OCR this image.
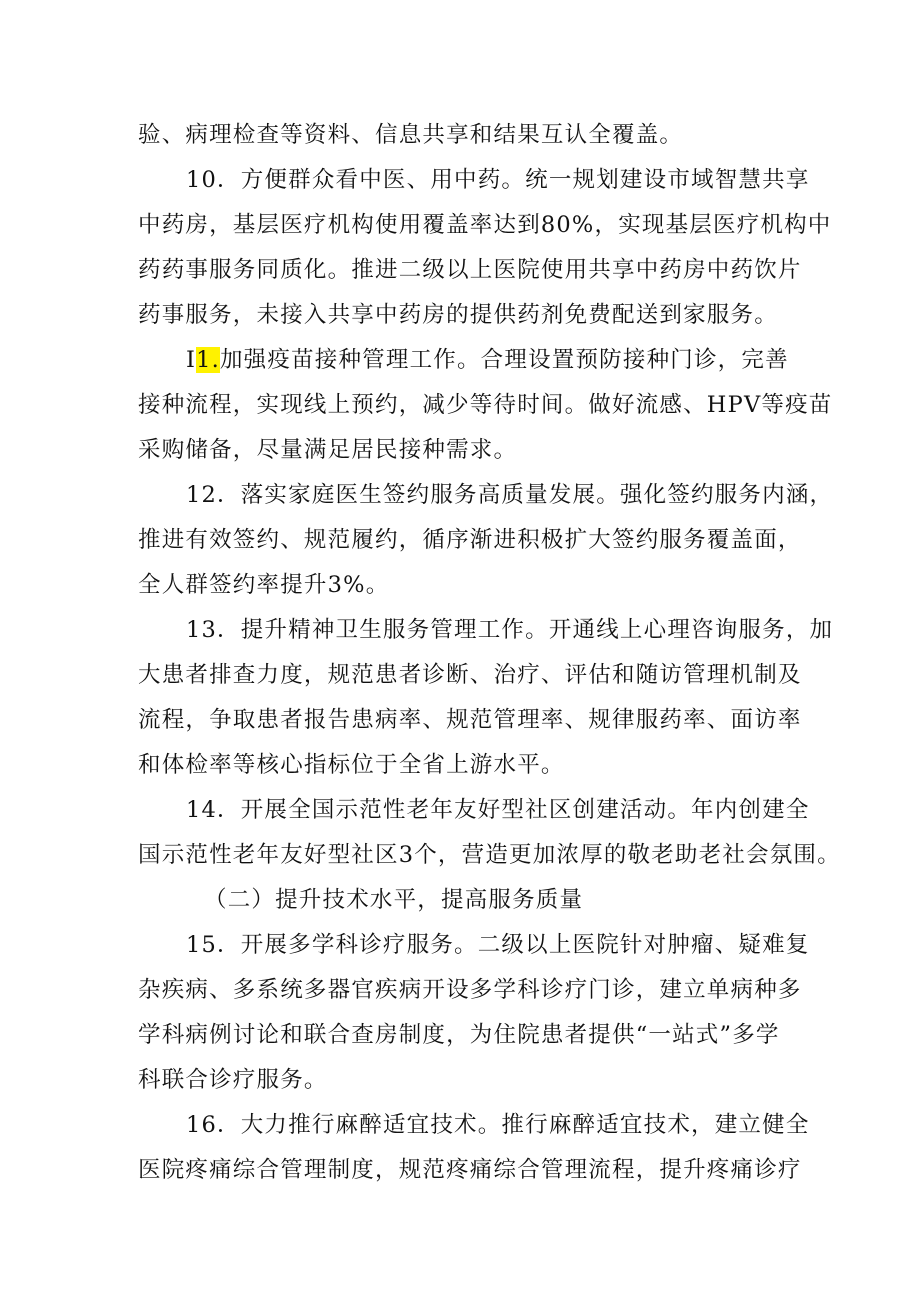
验、病理检查等资料、信息共享和结果互认全覆盖。
10．方便群众看中医、用中药。统一规划建设市域智慧共享
中药房，基层医疗机构使用覆盖率达到80%，实现基层医疗机构中
药药事服务同质化。推进二级以上医院使用共享中药房中药饮片
药事服务，未接入共享中药房的提供药剂免费配送到家服务。
I1.加强疫苗接种管理工作。合理设置预防接种门诊，完善
接种流程，实现线上预约，减少等待时间。做好流感、HPV等疫苗
采购储备，尽量满足居民接种需求。
12．落实家庭医生签约服务高质量发展。强化签约服务内涵，
推进有效签约、规范履约，循序渐进积极扩大签约服务覆盖面，
全人群签约率提升3%。
13．提升精神卫生服务管理工作。开通线上心理咨询服务，加
大患者排查力度，规范患者诊断、治疗、评估和随访管理机制及
流程，争取患者报告患病率、规范管理率、规律服药率、面访率
和体检率等核心指标位于全省上游水平。
14．开展全国示范性老年友好型社区创建活动。年内创建全
国示范性老年友好型社区3个，营造更加浓厚的敬老助老社会氛围。
（二）提升技术水平，提高服务质量
15．开展多学科诊疗服务。二级以上医院针对肿瘤、疑难复
杂疾病、多系统多器官疾病开设多学科诊疗门诊，建立单病种多
学科病例讨论和联合查房制度，为住院患者提供“一站式”多学
科联合诊疗服务。
16．大力推行麻醉适宜技术。推行麻醉适宜技术，建立健全
医院疼痛综合管理制度，规范疼痛综合管理流程，提升疼痛诊疗
